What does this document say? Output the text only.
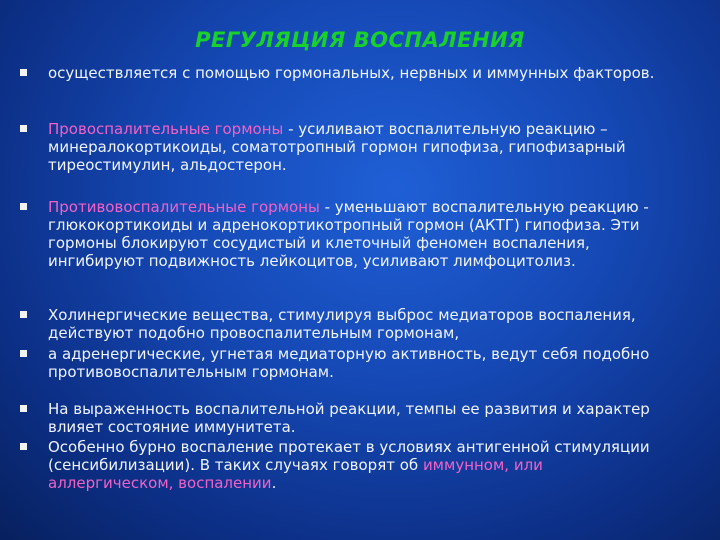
РЕГУЛЯЦИЯ ВОСПАЛЕНИЯ
осуществляется с помощью гормональных, нервных и иммунных факторов.
Провоспалительные гормоны - усиливают воспалительную реакцию – минералокортикоиды, соматотропный гормон гипофиза, гипофизарный тиреостимулин, альдостерон.
Противовоспалительные гормоны - уменьшают воспалительную реакцию - глюкокортикоиды и адренокортикотропный гормон (АКТГ) гипофиза. Эти гормоны блокируют сосудистый и клеточный феномен воспаления, ингибируют подвижность лейкоцитов, усиливают лимфоцитолиз.
Холинергические вещества, стимулируя выброс медиаторов воспаления, действуют подобно провоспалительным гормонам,
а адренергические, угнетая медиаторную активность, ведут себя подобно противовоспалительным гормонам.
На выраженность воспалительной реакции, темпы ее развития и характер влияет состояние иммунитета.
Особенно бурно воспаление протекает в условиях антигенной стимуляции (сенсибилизации). В таких случаях говорят об иммунном, или аллергическом, воспалении.
